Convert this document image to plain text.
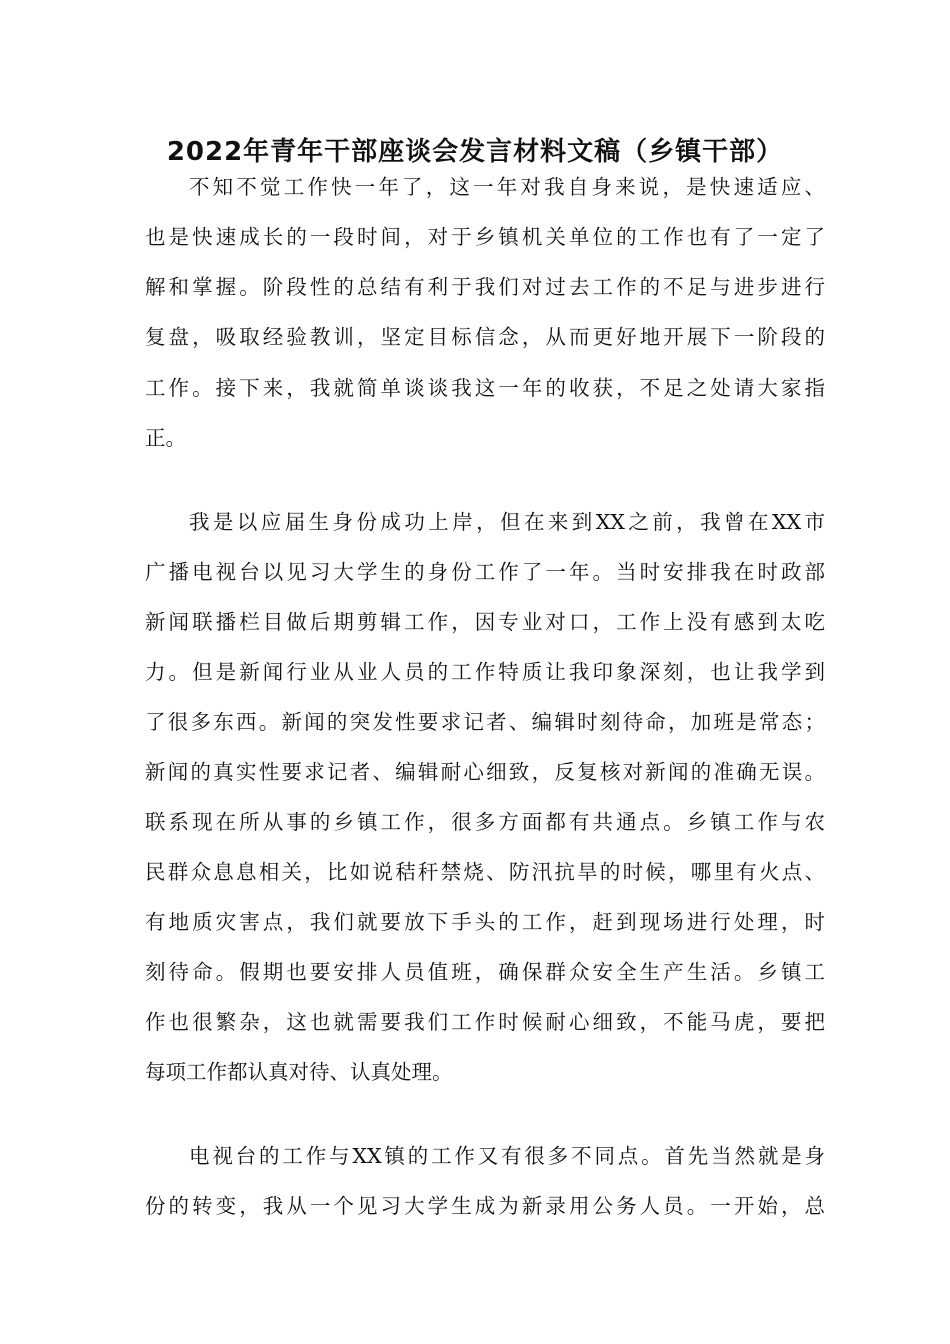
2022年青年干部座谈会发言材料文稿（乡镇干部）
不知不觉工作快一年了，这一年对我自身来说，是快速适应、
也是快速成长的一段时间，对于乡镇机关单位的工作也有了一定了
解和掌握。阶段性的总结有利于我们对过去工作的不足与进步进行
复盘，吸取经验教训，坚定目标信念，从而更好地开展下一阶段的
工作。接下来，我就简单谈谈我这一年的收获，不足之处请大家指
正。
我是以应届生身份成功上岸，但在来到XX之前，我曾在XX市
广播电视台以见习大学生的身份工作了一年。当时安排我在时政部
新闻联播栏目做后期剪辑工作，因专业对口，工作上没有感到太吃
力。但是新闻行业从业人员的工作特质让我印象深刻，也让我学到
了很多东西。新闻的突发性要求记者、编辑时刻待命，加班是常态；
新闻的真实性要求记者、编辑耐心细致，反复核对新闻的准确无误。
联系现在所从事的乡镇工作，很多方面都有共通点。乡镇工作与农
民群众息息相关，比如说秸秆禁烧、防汛抗旱的时候，哪里有火点、
有地质灾害点，我们就要放下手头的工作，赶到现场进行处理，时
刻待命。假期也要安排人员值班，确保群众安全生产生活。乡镇工
作也很繁杂，这也就需要我们工作时候耐心细致，不能马虎，要把
每项工作都认真对待、认真处理。
电视台的工作与XX镇的工作又有很多不同点。首先当然就是身
份的转变，我从一个见习大学生成为新录用公务人员。一开始，总
